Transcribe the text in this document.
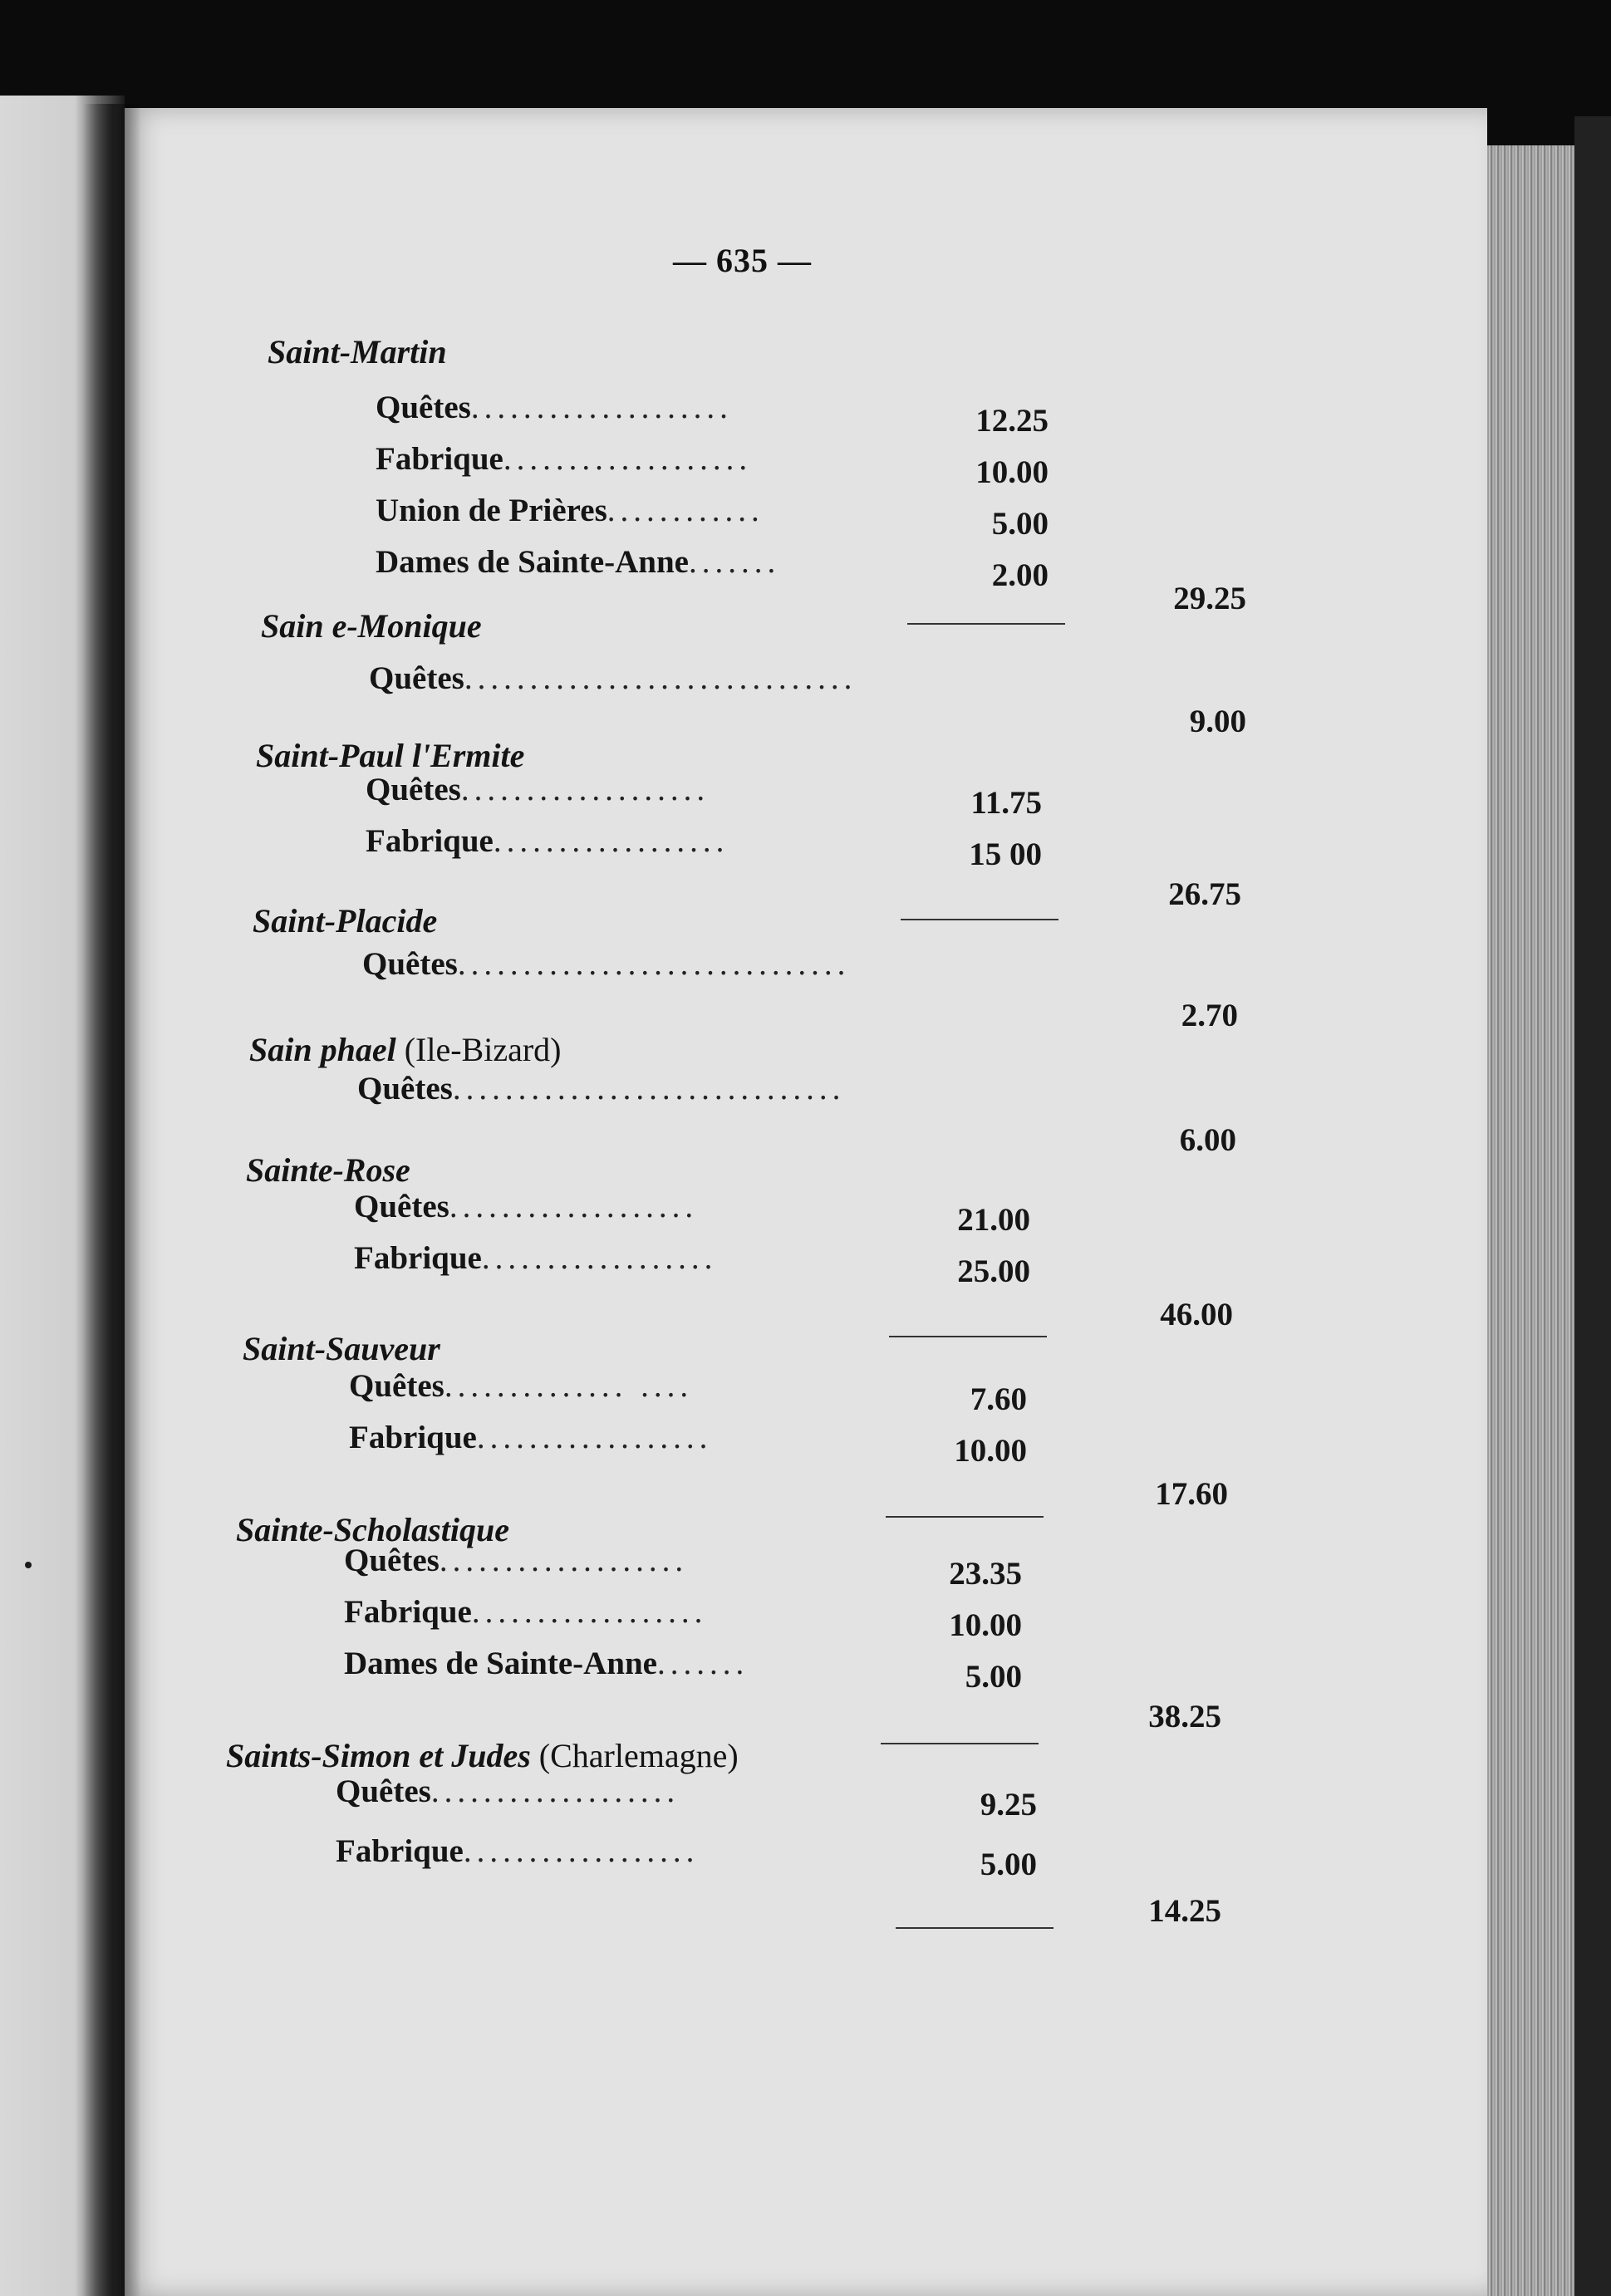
— 635 —
Saint-Martin
Quêtes....................	12.25
Fabrique...................	10.00
Union de Prières............	5.00
Dames de Sainte-Anne.......	2.00
29.25
Sain e-Monique
Quêtes..............................
9.00
Saint-Paul l'Ermite
Quêtes...................	11.75
Fabrique..................	15 00
26.75
Saint-Placide
Quêtes..............................
2.70
Sain phael (Ile-Bizard)
Quêtes..............................
6.00
Sainte-Rose
Quêtes...................	21.00
Fabrique..................	25.00
46.00
Saint-Sauveur
Quêtes.............. ....	7.60
Fabrique..................	10.00
17.60
Sainte-Scholastique
Quêtes...................	23.35
Fabrique..................	10.00
Dames de Sainte-Anne.......	5.00
38.25
Saints-Simon et Judes (Charlemagne)
Quêtes...................	9.25
Fabrique..................	5.00
14.25
